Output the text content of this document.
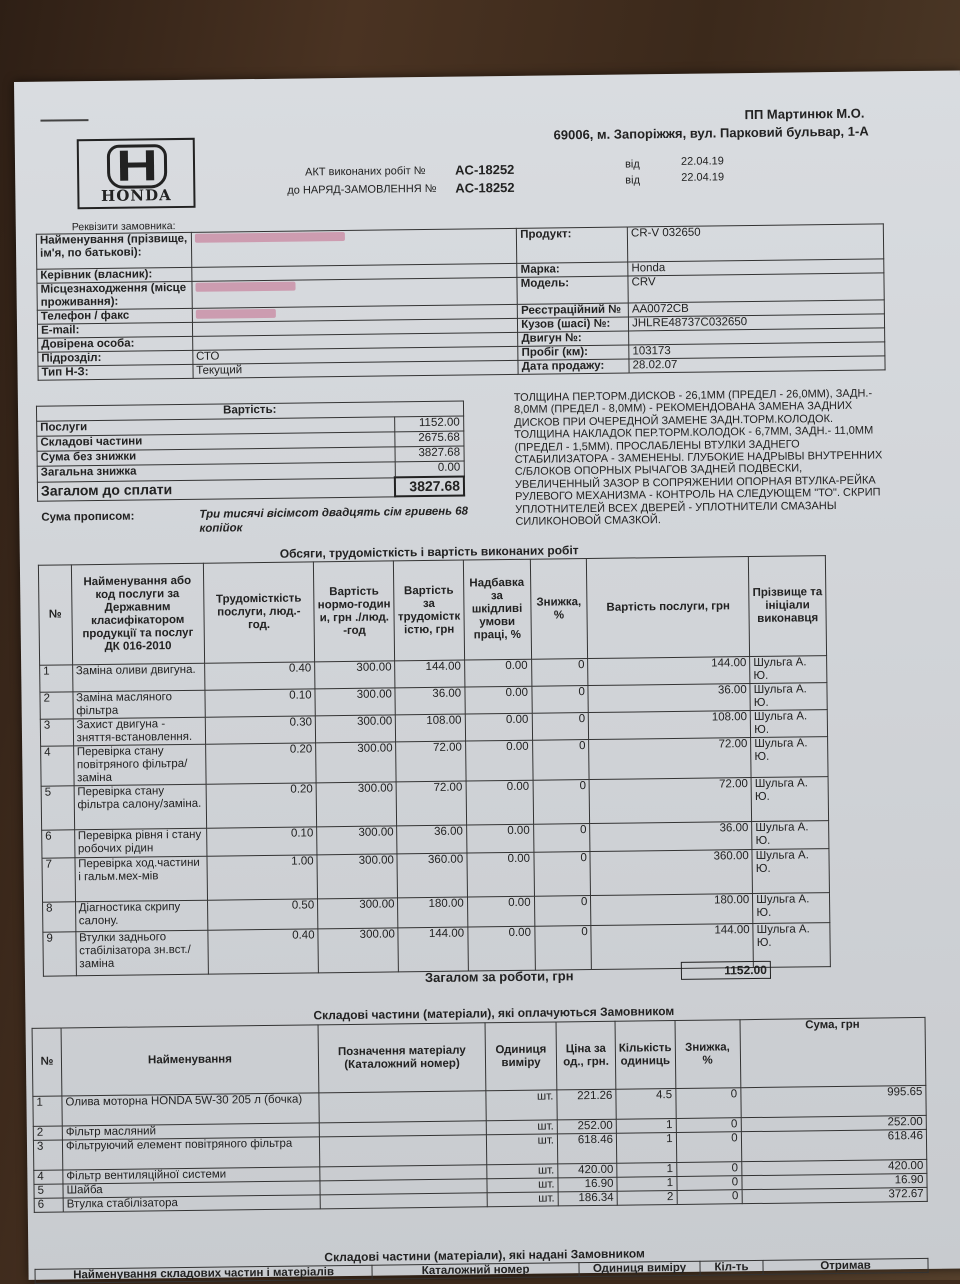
HONDA
ПП Мартинюк М.О.
69006, м. Запоріжжя, вул. Парковий бульвар, 1-А
АКТ виконаних робіт № AC-18252
до НАРЯД-ЗАМОВЛЕННЯ № AC-18252
від	22.04.19
від	22.04.19
Реквізити замовника:
Найменування (прізвище, ім'я, по батькові):		Продукт:	CR-V 032650
Керівник (власник):		Марка:	Honda
Місцезнаходження (місце проживання):		Модель:	CRV
Телефон / факс		Реєстраційний №	AA0072CB
E-mail:		Кузов (шасі) №:	JHLRE48737C032650
Довірена особа:		Двигун №:	
Підрозділ:	СТО	Пробіг (км):	103173
Тип Н-З:	Текущий	Дата продажу:	28.02.07
Вартість:	
Послуги	1152.00
Складові частини	2675.68
Сума без знижки	3827.68
Загальна знижка	0.00
Загалом до сплати	3827.68
Сума прописом:	Три тисячі вісімсот двадцять сім гривень 68 копійок
ТОЛЩИНА ПЕР.ТОРМ.ДИСКОВ - 26,1ММ (ПРЕДЕЛ - 26,0ММ), ЗАДН.- 8,0ММ (ПРЕДЕЛ - 8,0ММ) - РЕКОМЕНДОВАНА ЗАМЕНА ЗАДНИХ ДИСКОВ ПРИ ОЧЕРЕДНОЙ ЗАМЕНЕ ЗАДН.ТОРМ.КОЛОДОК. ТОЛЩИНА НАКЛАДОК ПЕР.ТОРМ.КОЛОДОК - 6,7ММ, ЗАДН.- 11,0ММ (ПРЕДЕЛ - 1,5ММ). ПРОСЛАБЛЕНЫ ВТУЛКИ ЗАДНЕГО СТАБИЛИЗАТОРА - ЗАМЕНЕНЫ. ГЛУБОКИЕ НАДРЫВЫ ВНУТРЕННИХ С/БЛОКОВ ОПОРНЫХ РЫЧАГОВ ЗАДНЕЙ ПОДВЕСКИ, УВЕЛИЧЕННЫЙ ЗАЗОР В СОПРЯЖЕНИИ ОПОРНАЯ ВТУЛКА-РЕЙКА РУЛЕВОГО МЕХАНИЗМА - КОНТРОЛЬ НА СЛЕДУЮЩЕМ "ТО". СКРИП УПЛОТНИТЕЛЕЙ ВСЕХ ДВЕРЕЙ - УПЛОТНИТЕЛИ СМАЗАНЫ СИЛИКОНОВОЙ СМАЗКОЙ.
Обсяги, трудомісткість і вартість виконаних робіт
№	Найменування або код послуги за Державним класифікатором продукції та послуг ДК 016-2010	Трудомісткість послуги, люд.-год.	Вартість нормо-годин и, грн ./люд. -год	Вартість за трудомістк істю, грн	Надбавка за шкідливі умови праці, %	Знижка, %	Вартість послуги, грн	Прізвище та ініціали виконавця
1	Заміна оливи двигуна.	0.40	300.00	144.00	0.00	0	144.00	Шульга А. Ю.
2	Заміна масляного фільтра	0.10	300.00	36.00	0.00	0	36.00	Шульга А. Ю.
3	Захист двигуна - зняття-встановлення.	0.30	300.00	108.00	0.00	0	108.00	Шульга А. Ю.
4	Перевірка стану повітряного фільтра/заміна	0.20	300.00	72.00	0.00	0	72.00	Шульга А. Ю.
5	Перевірка стану фільтра салону/заміна.	0.20	300.00	72.00	0.00	0	72.00	Шульга А. Ю.
6	Перевірка рівня і стану робочих рідин	0.10	300.00	36.00	0.00	0	36.00	Шульга А. Ю.
7	Перевірка ход.частини і гальм.мех-мів	1.00	300.00	360.00	0.00	0	360.00	Шульга А. Ю.
8	Діагностика скрипу салону.	0.50	300.00	180.00	0.00	0	180.00	Шульга А. Ю.
9	Втулки заднього стабілізатора зн.вст./заміна	0.40	300.00	144.00	0.00	0	144.00	Шульга А. Ю.
Загалом за роботи, грн	1152.00
Складові частини (матеріали), які оплачуються Замовником
№	Найменування	Позначення матеріалу (Каталожний номер)	Одиниця виміру	Ціна за од., грн.	Кількість одиниць	Знижка, %	Сума, грн
1	Олива моторна HONDA 5W-30 205 л (бочка)		шт.	221.26	4.5	0	995.65
2	Фільтр масляний		шт.	252.00	1	0	252.00
3	Фільтруючий елемент повітряного фільтра		шт.	618.46	1	0	618.46
4	Фільтр вентиляційної системи		шт.	420.00	1	0	420.00
5	Шайба		шт.	16.90	1	0	16.90
6	Втулка стабілізатора		шт.	186.34	2	0	372.67
Складові частини (матеріали), які надані Замовником
Найменування складових частин і матеріалів	Каталожний номер	Одиниця виміру	Кіл-ть	Отримав
